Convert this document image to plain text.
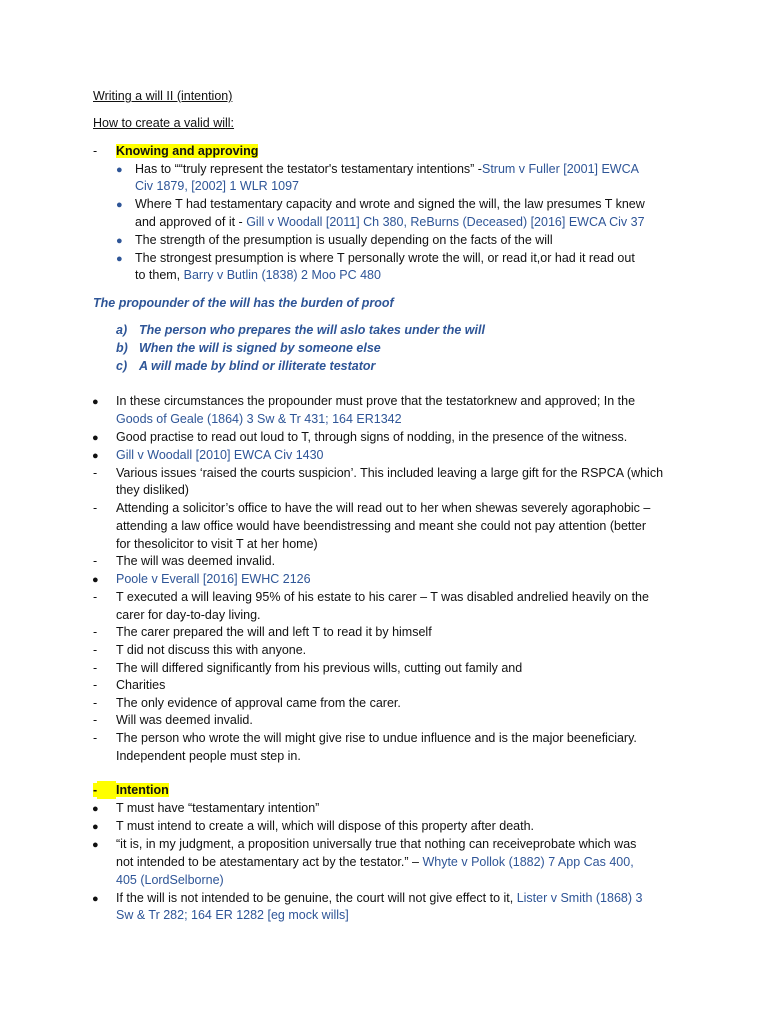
Writing a will II (intention)
How to create a valid will:
- Knowing and approving
● Has to ““truly represent the testator's testamentary intentions” -Strum v Fuller [2001] EWCA
Civ 1879, [2002] 1 WLR 1097
● Where T had testamentary capacity and wrote and signed the will, the law presumes T knew
and approved of it - Gill v Woodall [2011] Ch 380, ReBurns (Deceased) [2016] EWCA Civ 37
● The strength of the presumption is usually depending on the facts of the will
● The strongest presumption is where T personally wrote the will, or read it,or had it read out
to them, Barry v Butlin (1838) 2 Moo PC 480
The propounder of the will has the burden of proof
a) The person who prepares the will aslo takes under the will
b) When the will is signed by someone else
c) A will made by blind or illiterate testator
● In these circumstances the propounder must prove that the testatorknew and approved; In the
Goods of Geale (1864) 3 Sw & Tr 431; 164 ER1342
● Good practise to read out loud to T, through signs of nodding, in the presence of the witness.
● Gill v Woodall [2010] EWCA Civ 1430
- Various issues ‘raised the courts suspicion’. This included leaving a large gift for the RSPCA (which
they disliked)
- Attending a solicitor’s office to have the will read out to her when shewas severely agoraphobic –
attending a law office would have beendistressing and meant she could not pay attention (better
for thesolicitor to visit T at her home)
- The will was deemed invalid.
● Poole v Everall [2016] EWHC 2126
- T executed a will leaving 95% of his estate to his carer – T was disabled andrelied heavily on the
carer for day-to-day living.
- The carer prepared the will and left T to read it by himself
- T did not discuss this with anyone.
- The will differed significantly from his previous wills, cutting out family and
- Charities
- The only evidence of approval came from the carer.
- Will was deemed invalid.
- The person who wrote the will might give rise to undue influence and is the major beeneficiary.
Independent people must step in.
-	Intention
● T must have “testamentary intention”
● T must intend to create a will, which will dispose of this property after death.
● “it is, in my judgment, a proposition universally true that nothing can receiveprobate which was
not intended to be atestamentary act by the testator.” – Whyte v Pollok (1882) 7 App Cas 400,
405 (LordSelborne)
● If the will is not intended to be genuine, the court will not give effect to it, Lister v Smith (1868) 3
Sw & Tr 282; 164 ER 1282 [eg mock wills]
